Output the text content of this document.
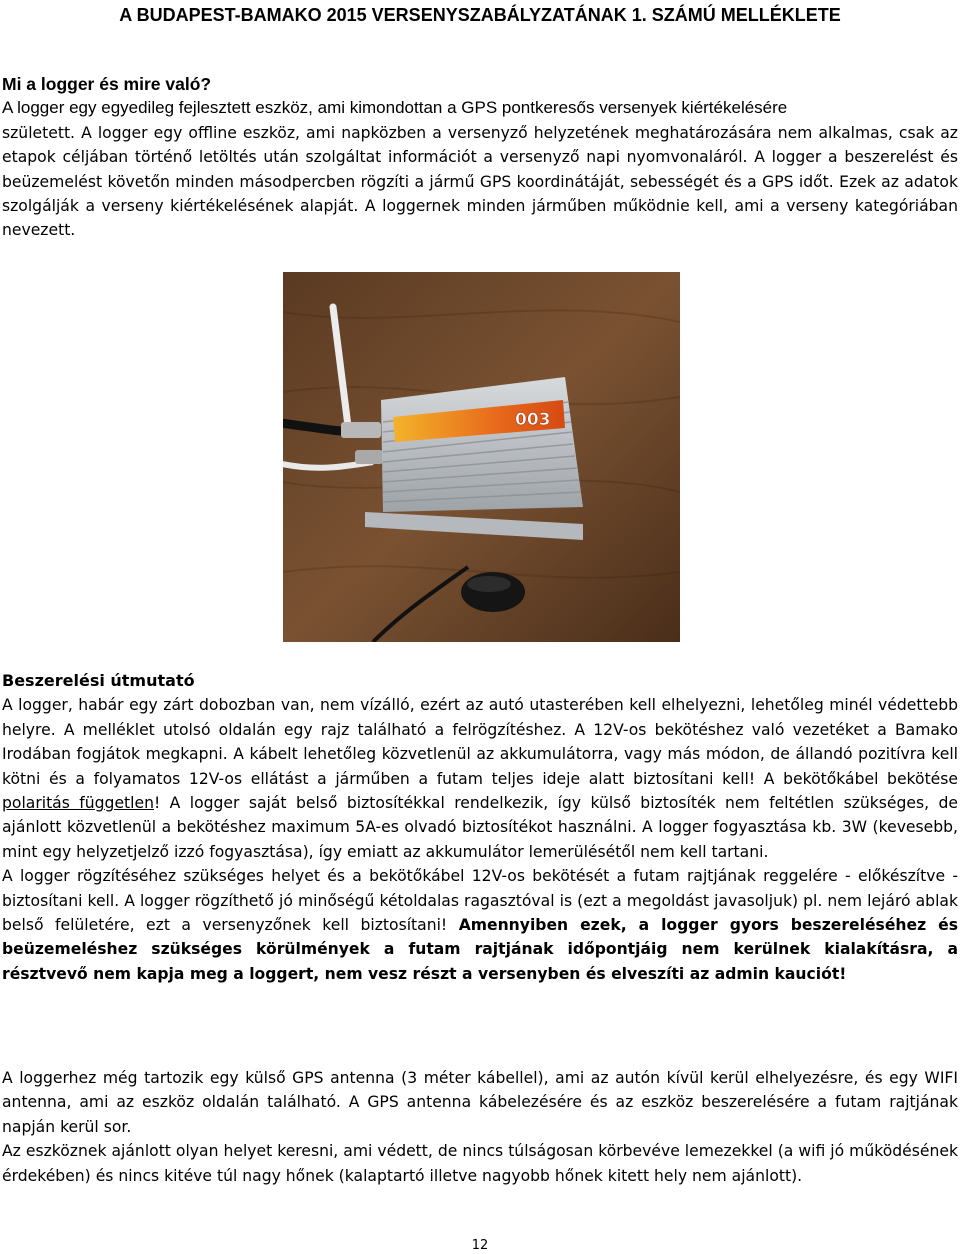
A BUDAPEST-BAMAKO 2015 VERSENYSZABÁLYZATÁNAK 1. SZÁMÚ MELLÉKLETE

Mi a logger és mire való?

A logger egy egyedileg fejlesztett eszköz, ami kimondottan a GPS pontkeresős versenyek kiértékelésére

született. A logger egy offline eszköz, ami napközben a versenyző helyzetének meghatározására nem alkalmas, csak az etapok céljában történő letöltés után szolgáltat információt a versenyző napi nyomvonaláról. A logger a beszerelést és beüzemelést követőn minden másodpercben rögzíti a jármű GPS koordinátáját, sebességét és a GPS időt. Ezek az adatok szolgálják a verseny kiértékelésének alapját. A loggernek minden járműben működnie kell, ami a verseny kategóriában nevezett.

003

Beszerelési útmutató

A logger, habár egy zárt dobozban van, nem vízálló, ezért az autó utasterében kell elhelyezni, lehetőleg minél védettebb helyre. A melléklet utolsó oldalán egy rajz található a felrögzítéshez. A 12V-os bekötéshez való vezetéket a Bamako Irodában fogjátok megkapni. A kábelt lehetőleg közvetlenül az akkumulátorra, vagy más módon, de állandó pozitívra kell kötni és a folyamatos 12V-os ellátást a járműben a futam teljes ideje alatt biztosítani kell! A bekötőkábel bekötése polaritás független! A logger saját belső biztosítékkal rendelkezik, így külső biztosíték nem feltétlen szükséges, de ajánlott közvetlenül a bekötéshez maximum 5A-es olvadó biztosítékot használni. A logger fogyasztása kb. 3W (kevesebb, mint egy helyzetjelző izzó fogyasztása), így emiatt az akkumulátor lemerülésétől nem kell tartani.

A logger rögzítéséhez szükséges helyet és a bekötőkábel 12V-os bekötését a futam rajtjának reggelére - előkészítve - biztosítani kell. A logger rögzíthető jó minőségű kétoldalas ragasztóval is (ezt a megoldást javasoljuk) pl. nem lejáró ablak belső felületére, ezt a versenyzőnek kell biztosítani! Amennyiben ezek, a logger gyors beszereléséhez és beüzemeléshez szükséges körülmények a futam rajtjának időpontjáig nem kerülnek kialakításra, a résztvevő nem kapja meg a loggert, nem vesz részt a versenyben és elveszíti az admin kauciót!

A loggerhez még tartozik egy külső GPS antenna (3 méter kábellel), ami az autón kívül kerül elhelyezésre, és egy WIFI antenna, ami az eszköz oldalán található. A GPS antenna kábelezésére és az eszköz beszerelésére a futam rajtjának napján kerül sor.

Az eszköznek ajánlott olyan helyet keresni, ami védett, de nincs túlságosan körbevéve lemezekkel (a wifi jó működésének érdekében) és nincs kitéve túl nagy hőnek (kalaptartó illetve nagyobb hőnek kitett hely nem ajánlott).

12
